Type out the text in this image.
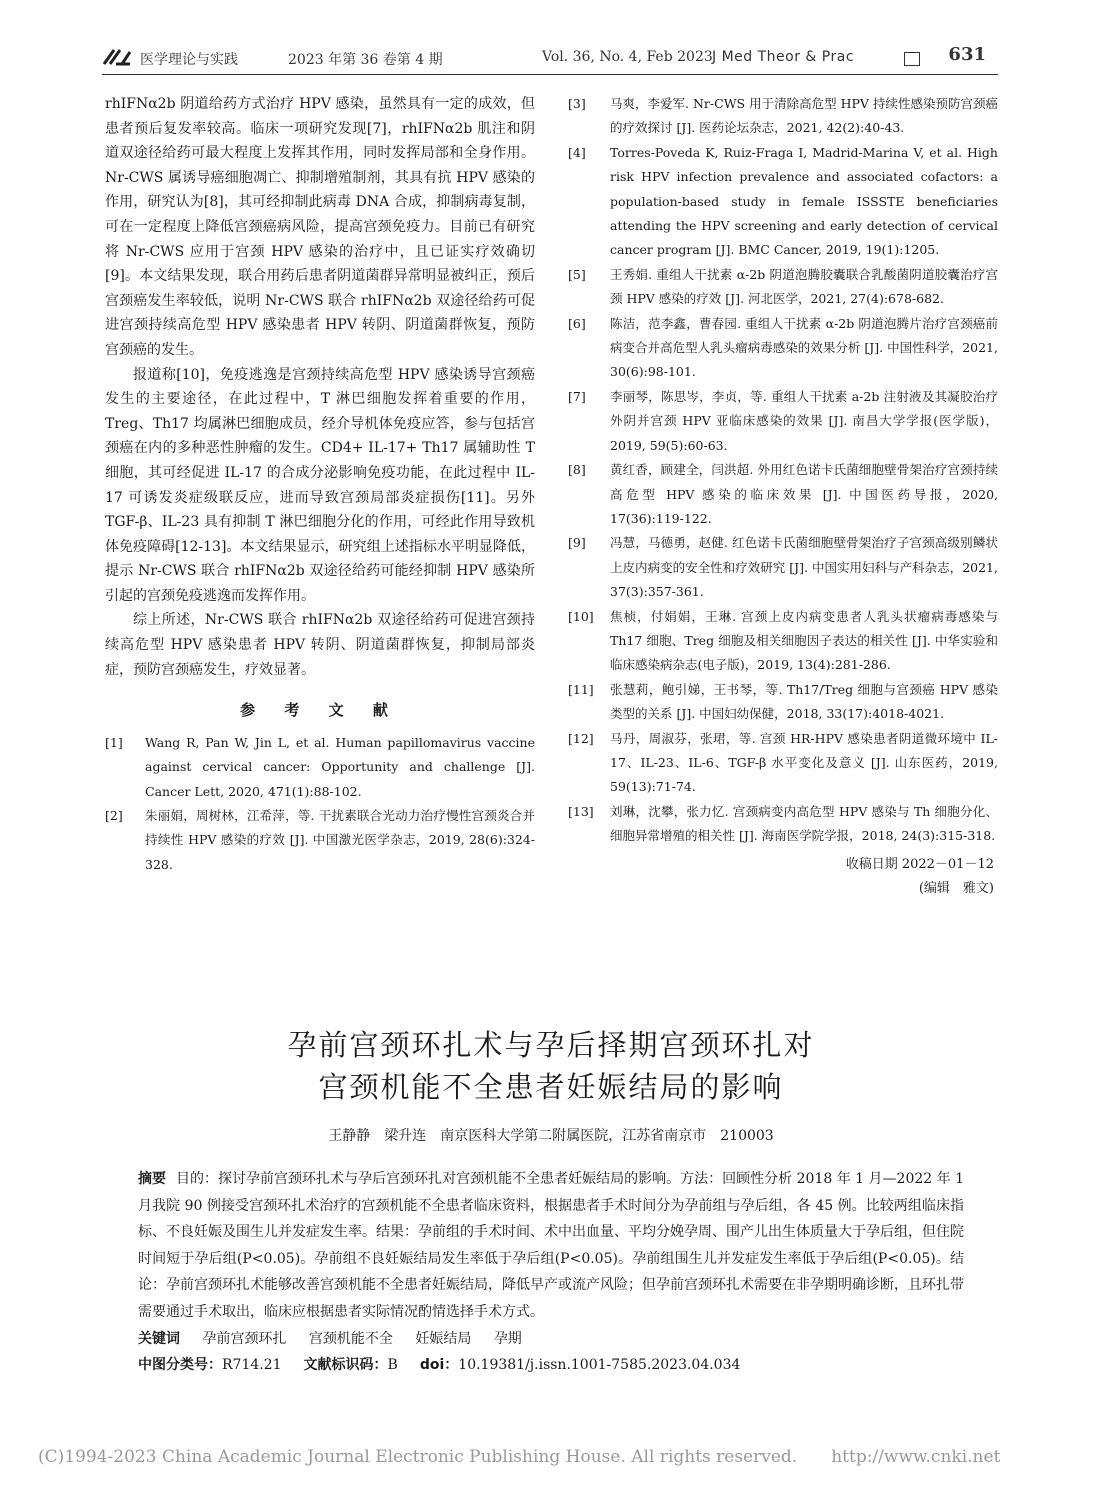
医学理论与实践	2023 年第 36 卷第 4 期	Vol. 36, No. 4, Feb 2023 J Med Theor & Prac	631

rhIFNα2b 阴道给药方式治疗 HPV 感染，虽然具有一定的成效，但患者预后复发率较高。临床一项研究发现[7]，rhIFNα2b 肌注和阴道双途径给药可最大程度上发挥其作用，同时发挥局部和全身作用。Nr-CWS 属诱导癌细胞凋亡、抑制增殖制剂，其具有抗 HPV 感染的作用，研究认为[8]，其可经抑制此病毒 DNA 合成，抑制病毒复制，可在一定程度上降低宫颈癌病风险，提高宫颈免疫力。目前已有研究将 Nr-CWS 应用于宫颈 HPV 感染的治疗中，且已证实疗效确切[9]。本文结果发现，联合用药后患者阴道菌群异常明显被纠正，预后宫颈癌发生率较低，说明 Nr-CWS 联合 rhIFNα2b 双途径给药可促进宫颈持续高危型 HPV 感染患者 HPV 转阴、阴道菌群恢复，预防宫颈癌的发生。

报道称[10]，免疫逃逸是宫颈持续高危型 HPV 感染诱导宫颈癌发生的主要途径，在此过程中，T 淋巴细胞发挥着重要的作用，Treg、Th17 均属淋巴细胞成员，经介导机体免疫应答，参与包括宫颈癌在内的多种恶性肿瘤的发生。CD4+ IL-17+ Th17 属辅助性 T 细胞，其可经促进 IL-17 的合成分泌影响免疫功能，在此过程中 IL-17 可诱发炎症级联反应，进而导致宫颈局部炎症损伤[11]。另外 TGF-β、IL-23 具有抑制 T 淋巴细胞分化的作用，可经此作用导致机体免疫障碍[12-13]。本文结果显示，研究组上述指标水平明显降低，提示 Nr-CWS 联合 rhIFNα2b 双途径给药可能经抑制 HPV 感染所引起的宫颈免疫逃逸而发挥作用。

综上所述，Nr-CWS 联合 rhIFNα2b 双途径给药可促进宫颈持续高危型 HPV 感染患者 HPV 转阴、阴道菌群恢复，抑制局部炎症，预防宫颈癌发生，疗效显著。

参 考 文 献
[1]	Wang R, Pan W, Jin L, et al. Human papillomavirus vaccine against cervical cancer: Opportunity and challenge [J]. Cancer Lett, 2020, 471(1):88-102.
[2]	朱丽娟，周树林，江希萍，等. 干扰素联合光动力治疗慢性宫颈炎合并持续性 HPV 感染的疗效 [J]. 中国激光医学杂志，2019, 28(6):324-328.
[3]	马爽，李爱军. Nr-CWS 用于清除高危型 HPV 持续性感染预防宫颈癌的疗效探讨 [J]. 医药论坛杂志，2021, 42(2):40-43.
[4]	Torres-Poveda K, Ruiz-Fraga I, Madrid-Marina V, et al. High risk HPV infection prevalence and associated cofactors: a population-based study in female ISSSTE beneficiaries attending the HPV screening and early detection of cervical cancer program [J]. BMC Cancer, 2019, 19(1):1205.
[5]	王秀娟. 重组人干扰素 α-2b 阴道泡腾胶囊联合乳酸菌阴道胶囊治疗宫颈 HPV 感染的疗效 [J]. 河北医学，2021, 27(4):678-682.
[6]	陈洁，范李鑫，曹春园. 重组人干扰素 α-2b 阴道泡腾片治疗宫颈癌前病变合并高危型人乳头瘤病毒感染的效果分析 [J]. 中国性科学，2021, 30(6):98-101.
[7]	李丽琴，陈思岑，李贞，等. 重组人干扰素 a-2b 注射液及其凝胶治疗外阴并宫颈 HPV 亚临床感染的效果 [J]. 南昌大学学报(医学版)，2019, 59(5):60-63.
[8]	黄红香，顾建全，闫洪超. 外用红色诺卡氏菌细胞壁骨架治疗宫颈持续高危型 HPV 感染的临床效果 [J]. 中国医药导报，2020, 17(36):119-122.
[9]	冯慧，马德勇，赵健. 红色诺卡氏菌细胞壁骨架治疗子宫颈高级别鳞状上皮内病变的安全性和疗效研究 [J]. 中国实用妇科与产科杂志，2021, 37(3):357-361.
[10]	焦桢，付娟娟，王琳. 宫颈上皮内病变患者人乳头状瘤病毒感染与 Th17 细胞、Treg 细胞及相关细胞因子表达的相关性 [J]. 中华实验和临床感染病杂志(电子版)，2019, 13(4):281-286.
[11]	张慧莉，鲍引娣，王书琴，等. Th17/Treg 细胞与宫颈癌 HPV 感染类型的关系 [J]. 中国妇幼保健，2018, 33(17):4018-4021.
[12]	马丹，周淑芬，张珺，等. 宫颈 HR-HPV 感染患者阴道微环境中 IL-17、IL-23、IL-6、TGF-β 水平变化及意义 [J]. 山东医药，2019, 59(13):71-74.
[13]	刘琳，沈攀，张力忆. 宫颈病变内高危型 HPV 感染与 Th 细胞分化、细胞异常增殖的相关性 [J]. 海南医学院学报，2018, 24(3):315-318.
收稿日期 2022－01－12
(编辑　雅文)
孕前宫颈环扎术与孕后择期宫颈环扎对
宫颈机能不全患者妊娠结局的影响
王静静　梁升连　南京医科大学第二附属医院，江苏省南京市　210003

摘要 目的：探讨孕前宫颈环扎术与孕后宫颈环扎对宫颈机能不全患者妊娠结局的影响。方法：回顾性分析 2018 年 1 月—2022 年 1 月我院 90 例接受宫颈环扎术治疗的宫颈机能不全患者临床资料，根据患者手术时间分为孕前组与孕后组，各 45 例。比较两组临床指标、不良妊娠及围生儿并发症发生率。结果：孕前组的手术时间、术中出血量、平均分娩孕周、围产儿出生体质量大于孕后组，但住院时间短于孕后组(P<0.05)。孕前组不良妊娠结局发生率低于孕后组(P<0.05)。孕前组围生儿并发症发生率低于孕后组(P<0.05)。结论：孕前宫颈环扎术能够改善宫颈机能不全患者妊娠结局，降低早产或流产风险；但孕前宫颈环扎术需要在非孕期明确诊断，且环扎带需要通过手术取出，临床应根据患者实际情况酌情选择手术方式。

关键词 孕前宫颈环扎 宫颈机能不全 妊娠结局 孕期

中图分类号：R714.21 文献标识码：B doi：10.19381/j.issn.1001-7585.2023.04.034

(C)1994-2023 China Academic Journal Electronic Publishing House. All rights reserved.　　http://www.cnki.net
